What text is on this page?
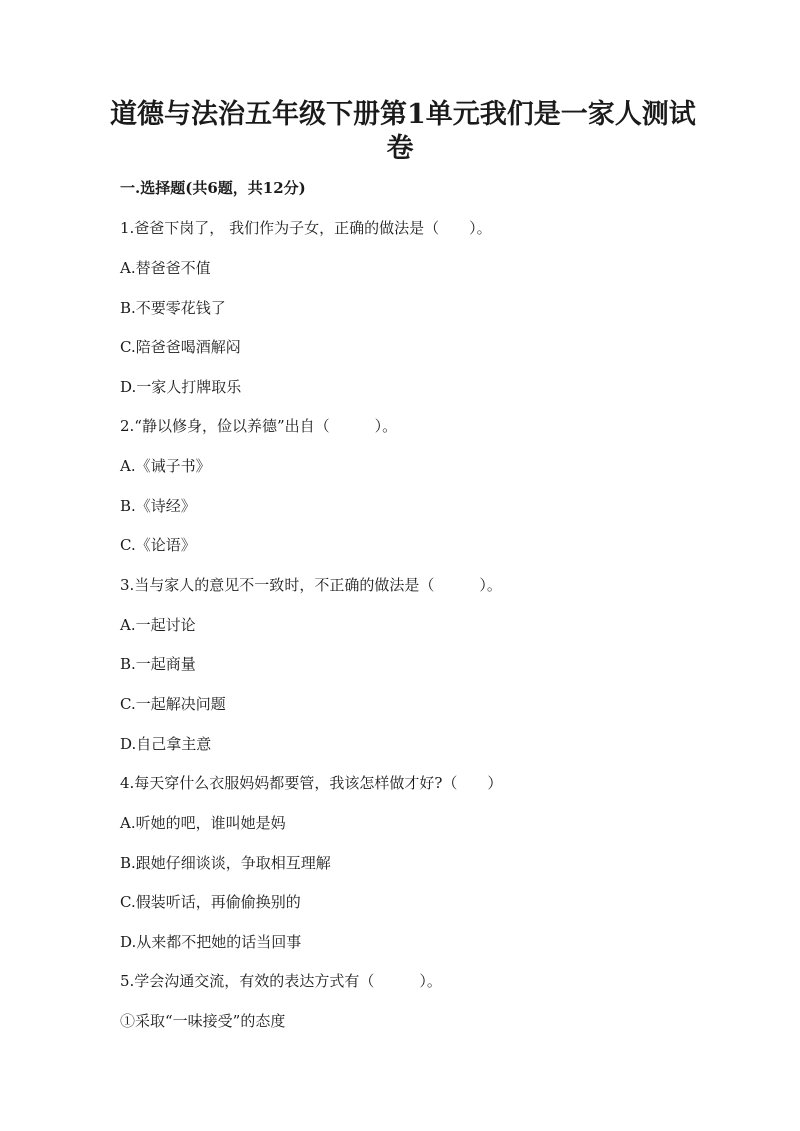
道德与法治五年级下册第1单元我们是一家人测试
卷
一.选择题(共6题，共12分)
1.爸爸下岗了， 我们作为子女，正确的做法是（　　）。
A.替爸爸不值
B.不要零花钱了
C.陪爸爸喝酒解闷
D.一家人打牌取乐
2.“静以修身，俭以养德”出自（　　　）。
A.《诫子书》
B.《诗经》
C.《论语》
3.当与家人的意见不一致时，不正确的做法是（　　　）。
A.一起讨论
B.一起商量
C.一起解决问题
D.自己拿主意
4.每天穿什么衣服妈妈都要管，我该怎样做才好?（　　）
A.听她的吧，谁叫她是妈
B.跟她仔细谈谈，争取相互理解
C.假装听话，再偷偷换别的
D.从来都不把她的话当回事
5.学会沟通交流，有效的表达方式有（　　　）。
①采取“一味接受”的态度
